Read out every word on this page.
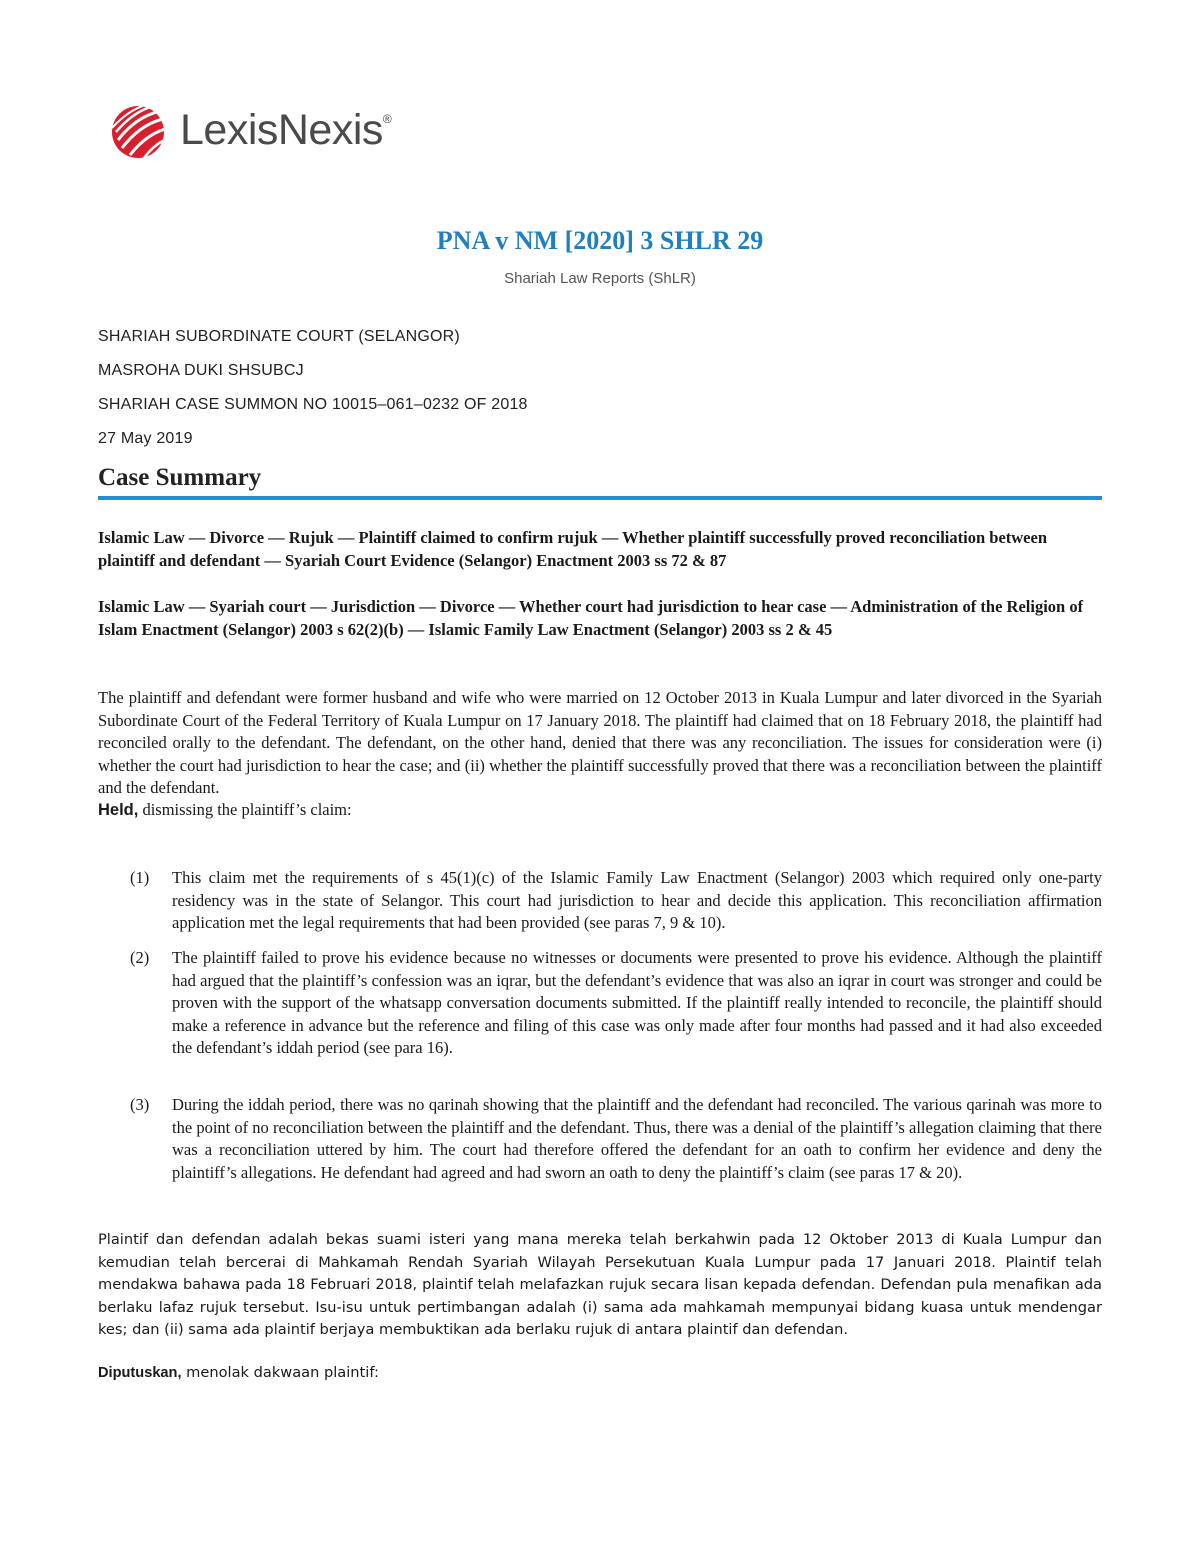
LexisNexis®
PNA v NM [2020] 3 SHLR 29
Shariah Law Reports (ShLR)
SHARIAH SUBORDINATE COURT (SELANGOR)
MASROHA DUKI SHSUBCJ
SHARIAH CASE SUMMON NO 10015–061–0232 OF 2018
27 May 2019
Case Summary
Islamic Law — Divorce — Rujuk — Plaintiff claimed to confirm rujuk — Whether plaintiff successfully proved reconciliation between plaintiff and defendant — Syariah Court Evidence (Selangor) Enactment 2003 ss 72 & 87
Islamic Law — Syariah court — Jurisdiction — Divorce — Whether court had jurisdiction to hear case — Administration of the Religion of Islam Enactment (Selangor) 2003 s 62(2)(b) — Islamic Family Law Enactment (Selangor) 2003 ss 2 & 45
The plaintiff and defendant were former husband and wife who were married on 12 October 2013 in Kuala Lumpur and later divorced in the Syariah Subordinate Court of the Federal Territory of Kuala Lumpur on 17 January 2018. The plaintiff had claimed that on 18 February 2018, the plaintiff had reconciled orally to the defendant. The defendant, on the other hand, denied that there was any reconciliation. The issues for consideration were (i) whether the court had jurisdiction to hear the case; and (ii) whether the plaintiff successfully proved that there was a reconciliation between the plaintiff and the defendant.
Held, dismissing the plaintiff’s claim:
(1)	This claim met the requirements of s 45(1)(c) of the Islamic Family Law Enactment (Selangor) 2003 which required only one-party residency was in the state of Selangor. This court had jurisdiction to hear and decide this application. This reconciliation affirmation application met the legal requirements that had been provided (see paras 7, 9 & 10).
(2)	The plaintiff failed to prove his evidence because no witnesses or documents were presented to prove his evidence. Although the plaintiff had argued that the plaintiff’s confession was an iqrar, but the defendant’s evidence that was also an iqrar in court was stronger and could be proven with the support of the whatsapp conversation documents submitted. If the plaintiff really intended to reconcile, the plaintiff should make a reference in advance but the reference and filing of this case was only made after four months had passed and it had also exceeded the defendant’s iddah period (see para 16).
(3)	During the iddah period, there was no qarinah showing that the plaintiff and the defendant had reconciled. The various qarinah was more to the point of no reconciliation between the plaintiff and the defendant. Thus, there was a denial of the plaintiff’s allegation claiming that there was a reconciliation uttered by him. The court had therefore offered the defendant for an oath to confirm her evidence and deny the plaintiff’s allegations. He defendant had agreed and had sworn an oath to deny the plaintiff’s claim (see paras 17 & 20).
Plaintif dan defendan adalah bekas suami isteri yang mana mereka telah berkahwin pada 12 Oktober 2013 di Kuala Lumpur dan kemudian telah bercerai di Mahkamah Rendah Syariah Wilayah Persekutuan Kuala Lumpur pada 17 Januari 2018. Plaintif telah mendakwa bahawa pada 18 Februari 2018, plaintif telah melafazkan rujuk secara lisan kepada defendan. Defendan pula menafikan ada berlaku lafaz rujuk tersebut. Isu-isu untuk pertimbangan adalah (i) sama ada mahkamah mempunyai bidang kuasa untuk mendengar kes; dan (ii) sama ada plaintif berjaya membuktikan ada berlaku rujuk di antara plaintif dan defendan.
Diputuskan, menolak dakwaan plaintif:
